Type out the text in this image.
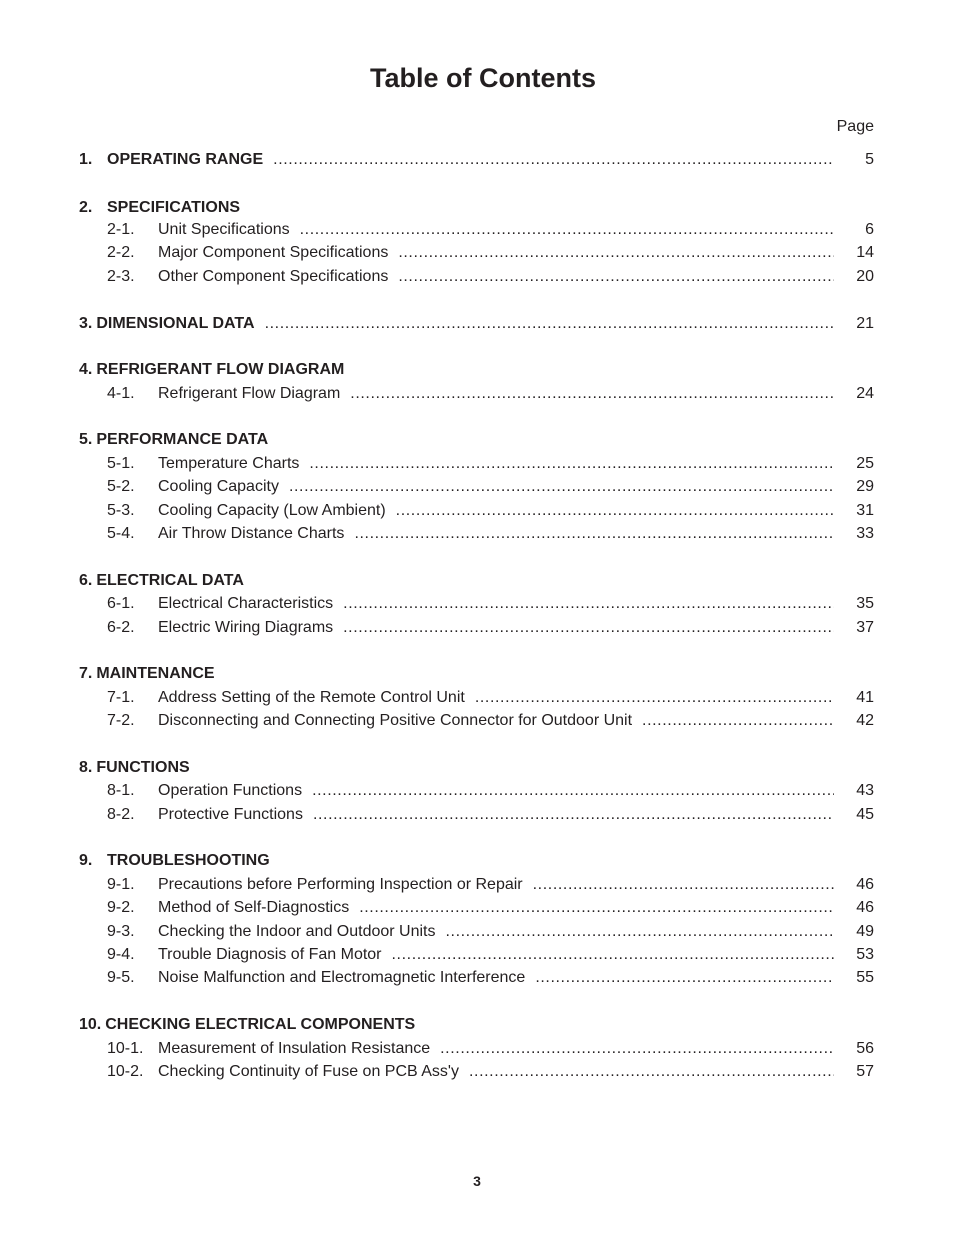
Table of Contents
Page
1. OPERATING RANGE .....	5
2. SPECIFICATIONS
2-1.	Unit Specifications .....	6
2-2.	Major Component Specifications .....	14
2-3.	Other Component Specifications .....	20
3. DIMENSIONAL DATA .....	21
4. REFRIGERANT FLOW DIAGRAM
4-1.	Refrigerant Flow Diagram .....	24
5. PERFORMANCE DATA
5-1.	Temperature Charts .....	25
5-2.	Cooling Capacity .....	29
5-3.	Cooling Capacity (Low Ambient) .....	31
5-4.	Air Throw Distance Charts .....	33
6. ELECTRICAL DATA
6-1.	Electrical Characteristics .....	35
6-2.	Electric Wiring Diagrams .....	37
7. MAINTENANCE
7-1.	Address Setting of the Remote Control Unit .....	41
7-2.	Disconnecting and Connecting Positive Connector for Outdoor Unit .....	42
8. FUNCTIONS
8-1.	Operation Functions .....	43
8-2.	Protective Functions .....	45
9. TROUBLESHOOTING
9-1.	Precautions before Performing Inspection or Repair .....	46
9-2.	Method of Self-Diagnostics .....	46
9-3.	Checking the Indoor and Outdoor Units .....	49
9-4.	Trouble Diagnosis of Fan Motor .....	53
9-5.	Noise Malfunction and Electromagnetic Interference .....	55
10. CHECKING ELECTRICAL COMPONENTS
10-1. Measurement of Insulation Resistance .....	56
10-2. Checking Continuity of Fuse on PCB Ass'y .....	57
3
